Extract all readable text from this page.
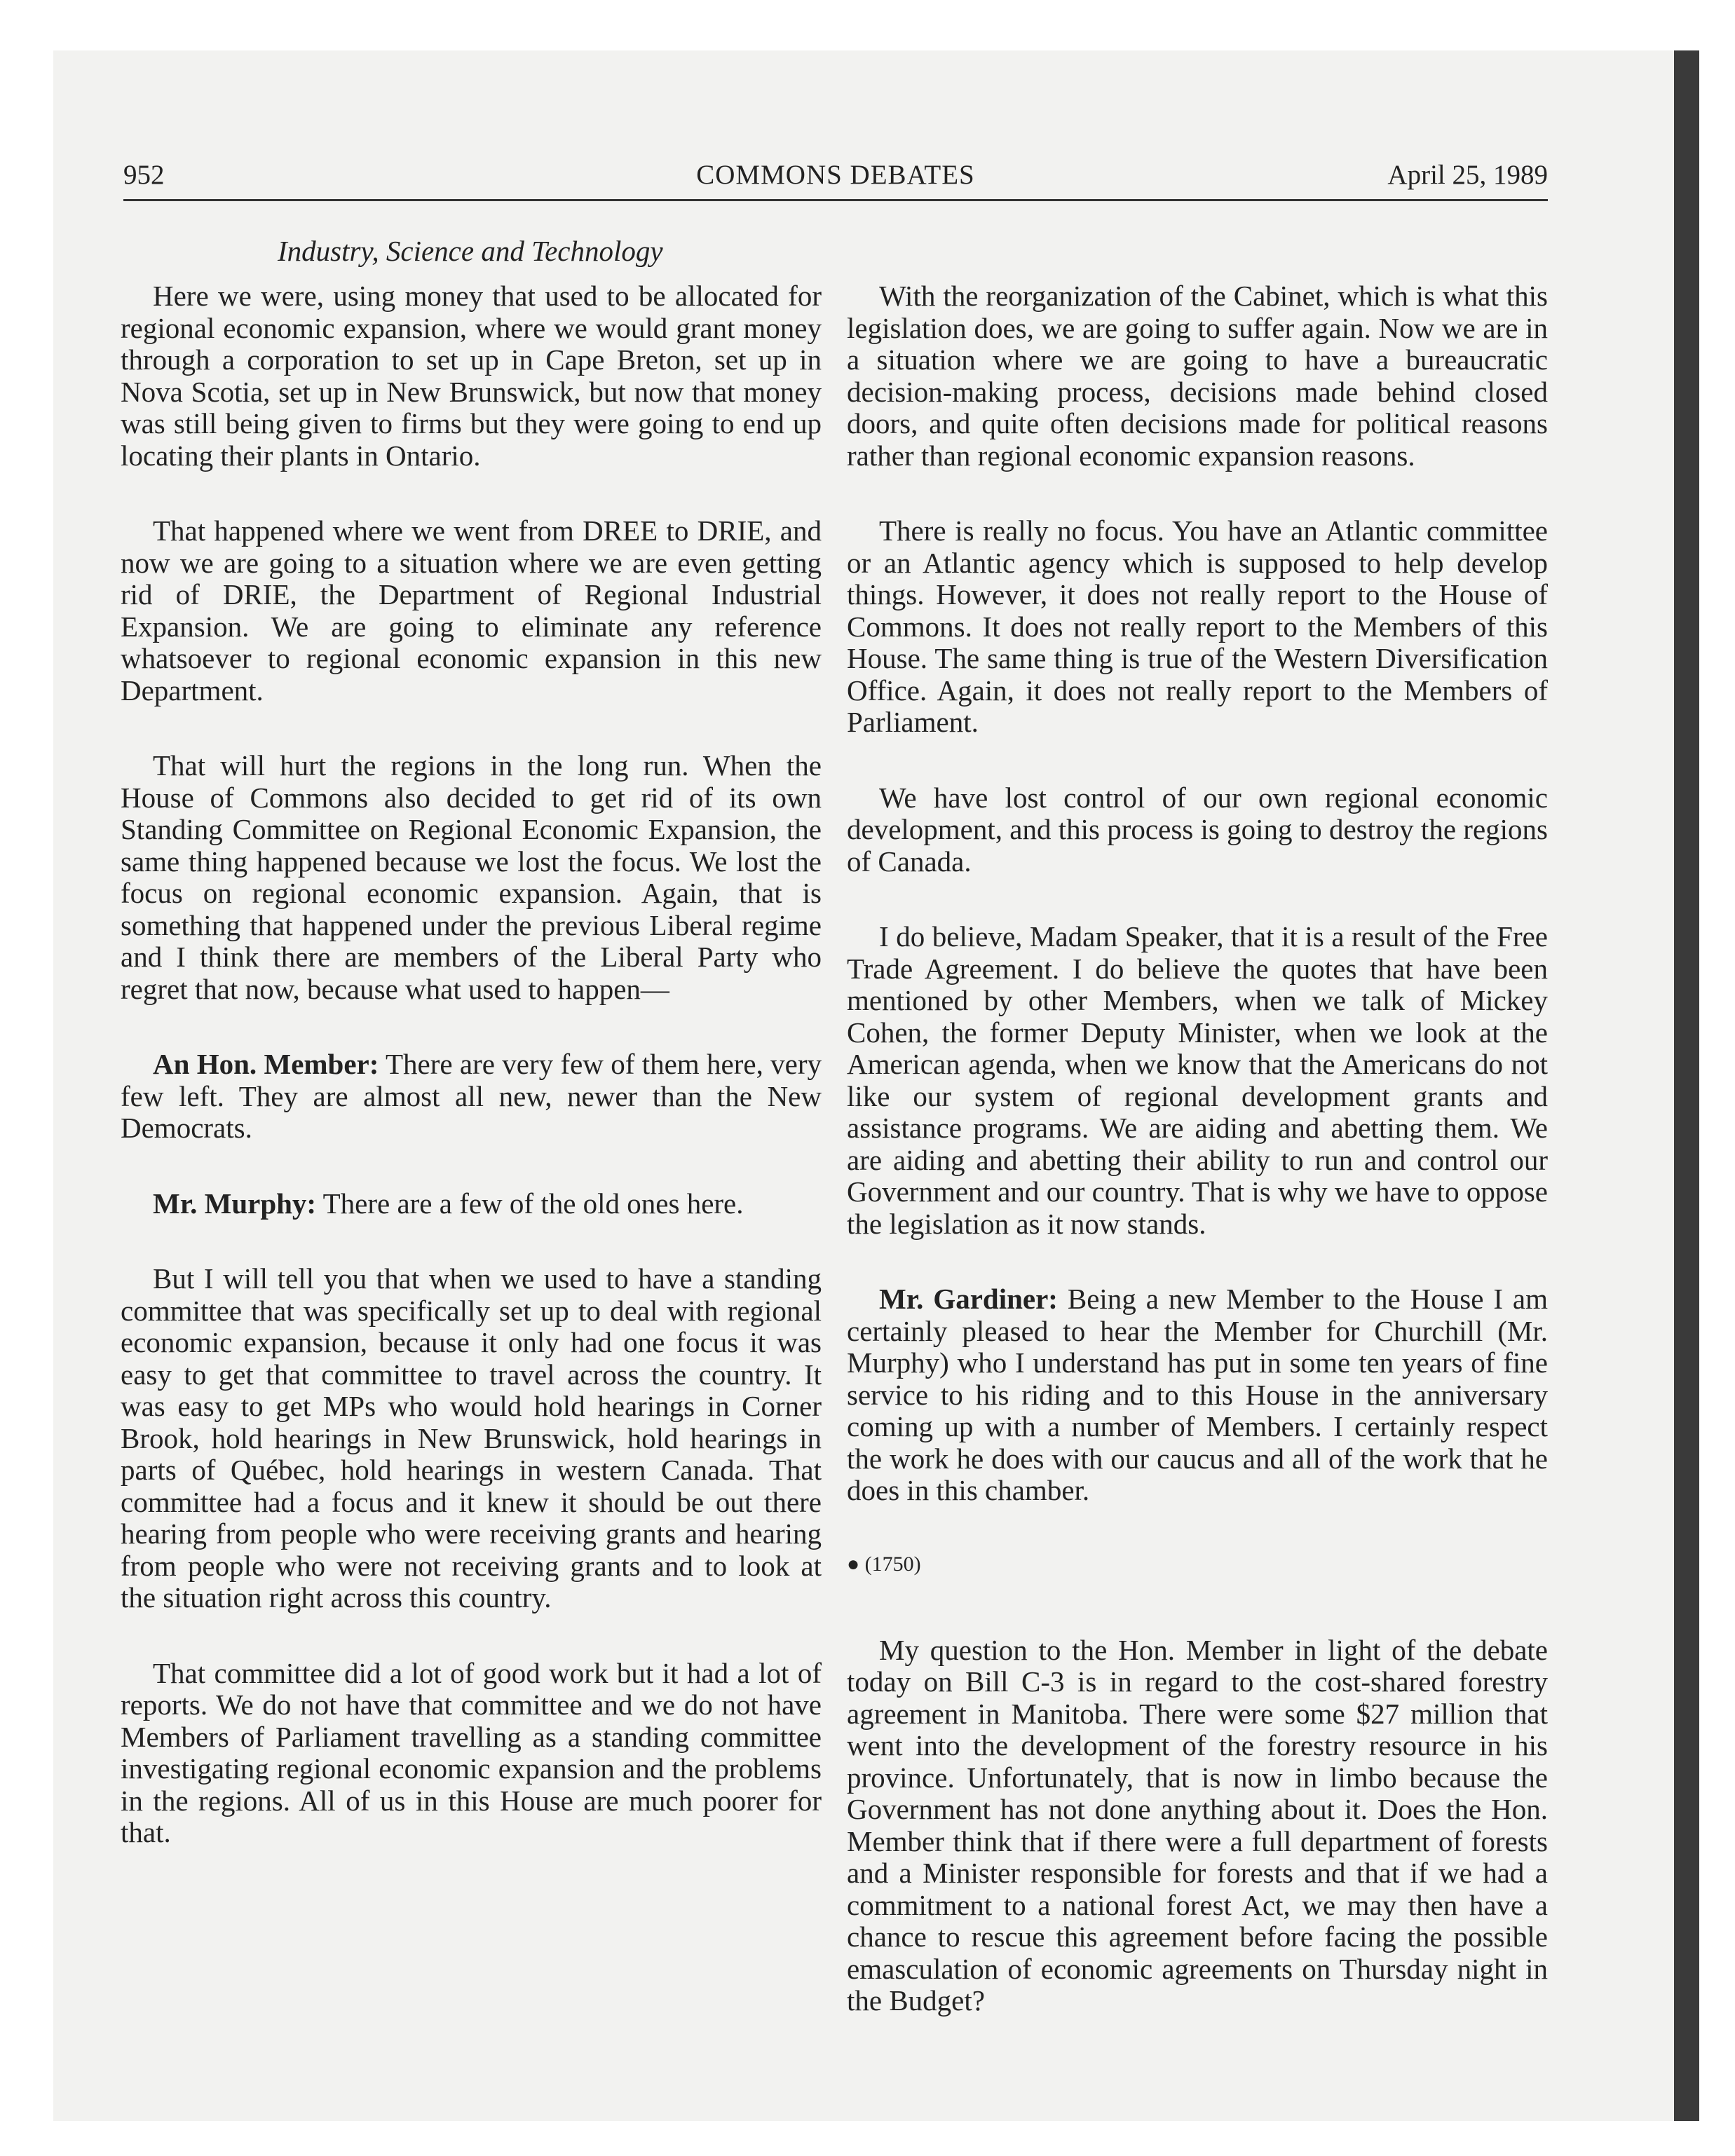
952	COMMONS DEBATES	April 25, 1989
Industry, Science and Technology

Here we were, using money that used to be allocated for regional economic expansion, where we would grant money through a corporation to set up in Cape Breton, set up in Nova Scotia, set up in New Brunswick, but now that money was still being given to firms but they were going to end up locating their plants in Ontario.

That happened where we went from DREE to DRIE, and now we are going to a situation where we are even getting rid of DRIE, the Department of Regional Industrial Expansion. We are going to eliminate any reference whatsoever to regional economic expansion in this new Department.

That will hurt the regions in the long run. When the House of Commons also decided to get rid of its own Standing Committee on Regional Economic Expansion, the same thing happened because we lost the focus. We lost the focus on regional economic expansion. Again, that is something that happened under the previous Liberal regime and I think there are members of the Liberal Party who regret that now, because what used to happen—

An Hon. Member: There are very few of them here, very few left. They are almost all new, newer than the New Democrats.

Mr. Murphy: There are a few of the old ones here.

But I will tell you that when we used to have a standing committee that was specifically set up to deal with regional economic expansion, because it only had one focus it was easy to get that committee to travel across the country. It was easy to get MPs who would hold hearings in Corner Brook, hold hearings in New Brunswick, hold hearings in parts of Québec, hold hearings in western Canada. That committee had a focus and it knew it should be out there hearing from people who were receiving grants and hearing from people who were not receiving grants and to look at the situation right across this country.

That committee did a lot of good work but it had a lot of reports. We do not have that committee and we do not have Members of Parliament travelling as a standing committee investigating regional economic expansion and the problems in the regions. All of us in this House are much poorer for that.

With the reorganization of the Cabinet, which is what this legislation does, we are going to suffer again. Now we are in a situation where we are going to have a bureaucratic decision-making process, decisions made behind closed doors, and quite often decisions made for political reasons rather than regional economic expansion reasons.

There is really no focus. You have an Atlantic committee or an Atlantic agency which is supposed to help develop things. However, it does not really report to the House of Commons. It does not really report to the Members of this House. The same thing is true of the Western Diversification Office. Again, it does not really report to the Members of Parliament.

We have lost control of our own regional economic development, and this process is going to destroy the regions of Canada.

I do believe, Madam Speaker, that it is a result of the Free Trade Agreement. I do believe the quotes that have been mentioned by other Members, when we talk of Mickey Cohen, the former Deputy Minister, when we look at the American agenda, when we know that the Americans do not like our system of regional development grants and assistance programs. We are aiding and abetting them. We are aiding and abetting their ability to run and control our Government and our country. That is why we have to oppose the legislation as it now stands.

Mr. Gardiner: Being a new Member to the House I am certainly pleased to hear the Member for Churchill (Mr. Murphy) who I understand has put in some ten years of fine service to his riding and to this House in the anniversary coming up with a number of Members. I certainly respect the work he does with our caucus and all of the work that he does in this chamber.

● (1750)

My question to the Hon. Member in light of the debate today on Bill C-3 is in regard to the cost-shared forestry agreement in Manitoba. There were some $27 million that went into the development of the forestry resource in his province. Unfortunately, that is now in limbo because the Government has not done anything about it. Does the Hon. Member think that if there were a full department of forests and a Minister responsible for forests and that if we had a commitment to a national forest Act, we may then have a chance to rescue this agreement before facing the possible emasculation of economic agreements on Thursday night in the Budget?
